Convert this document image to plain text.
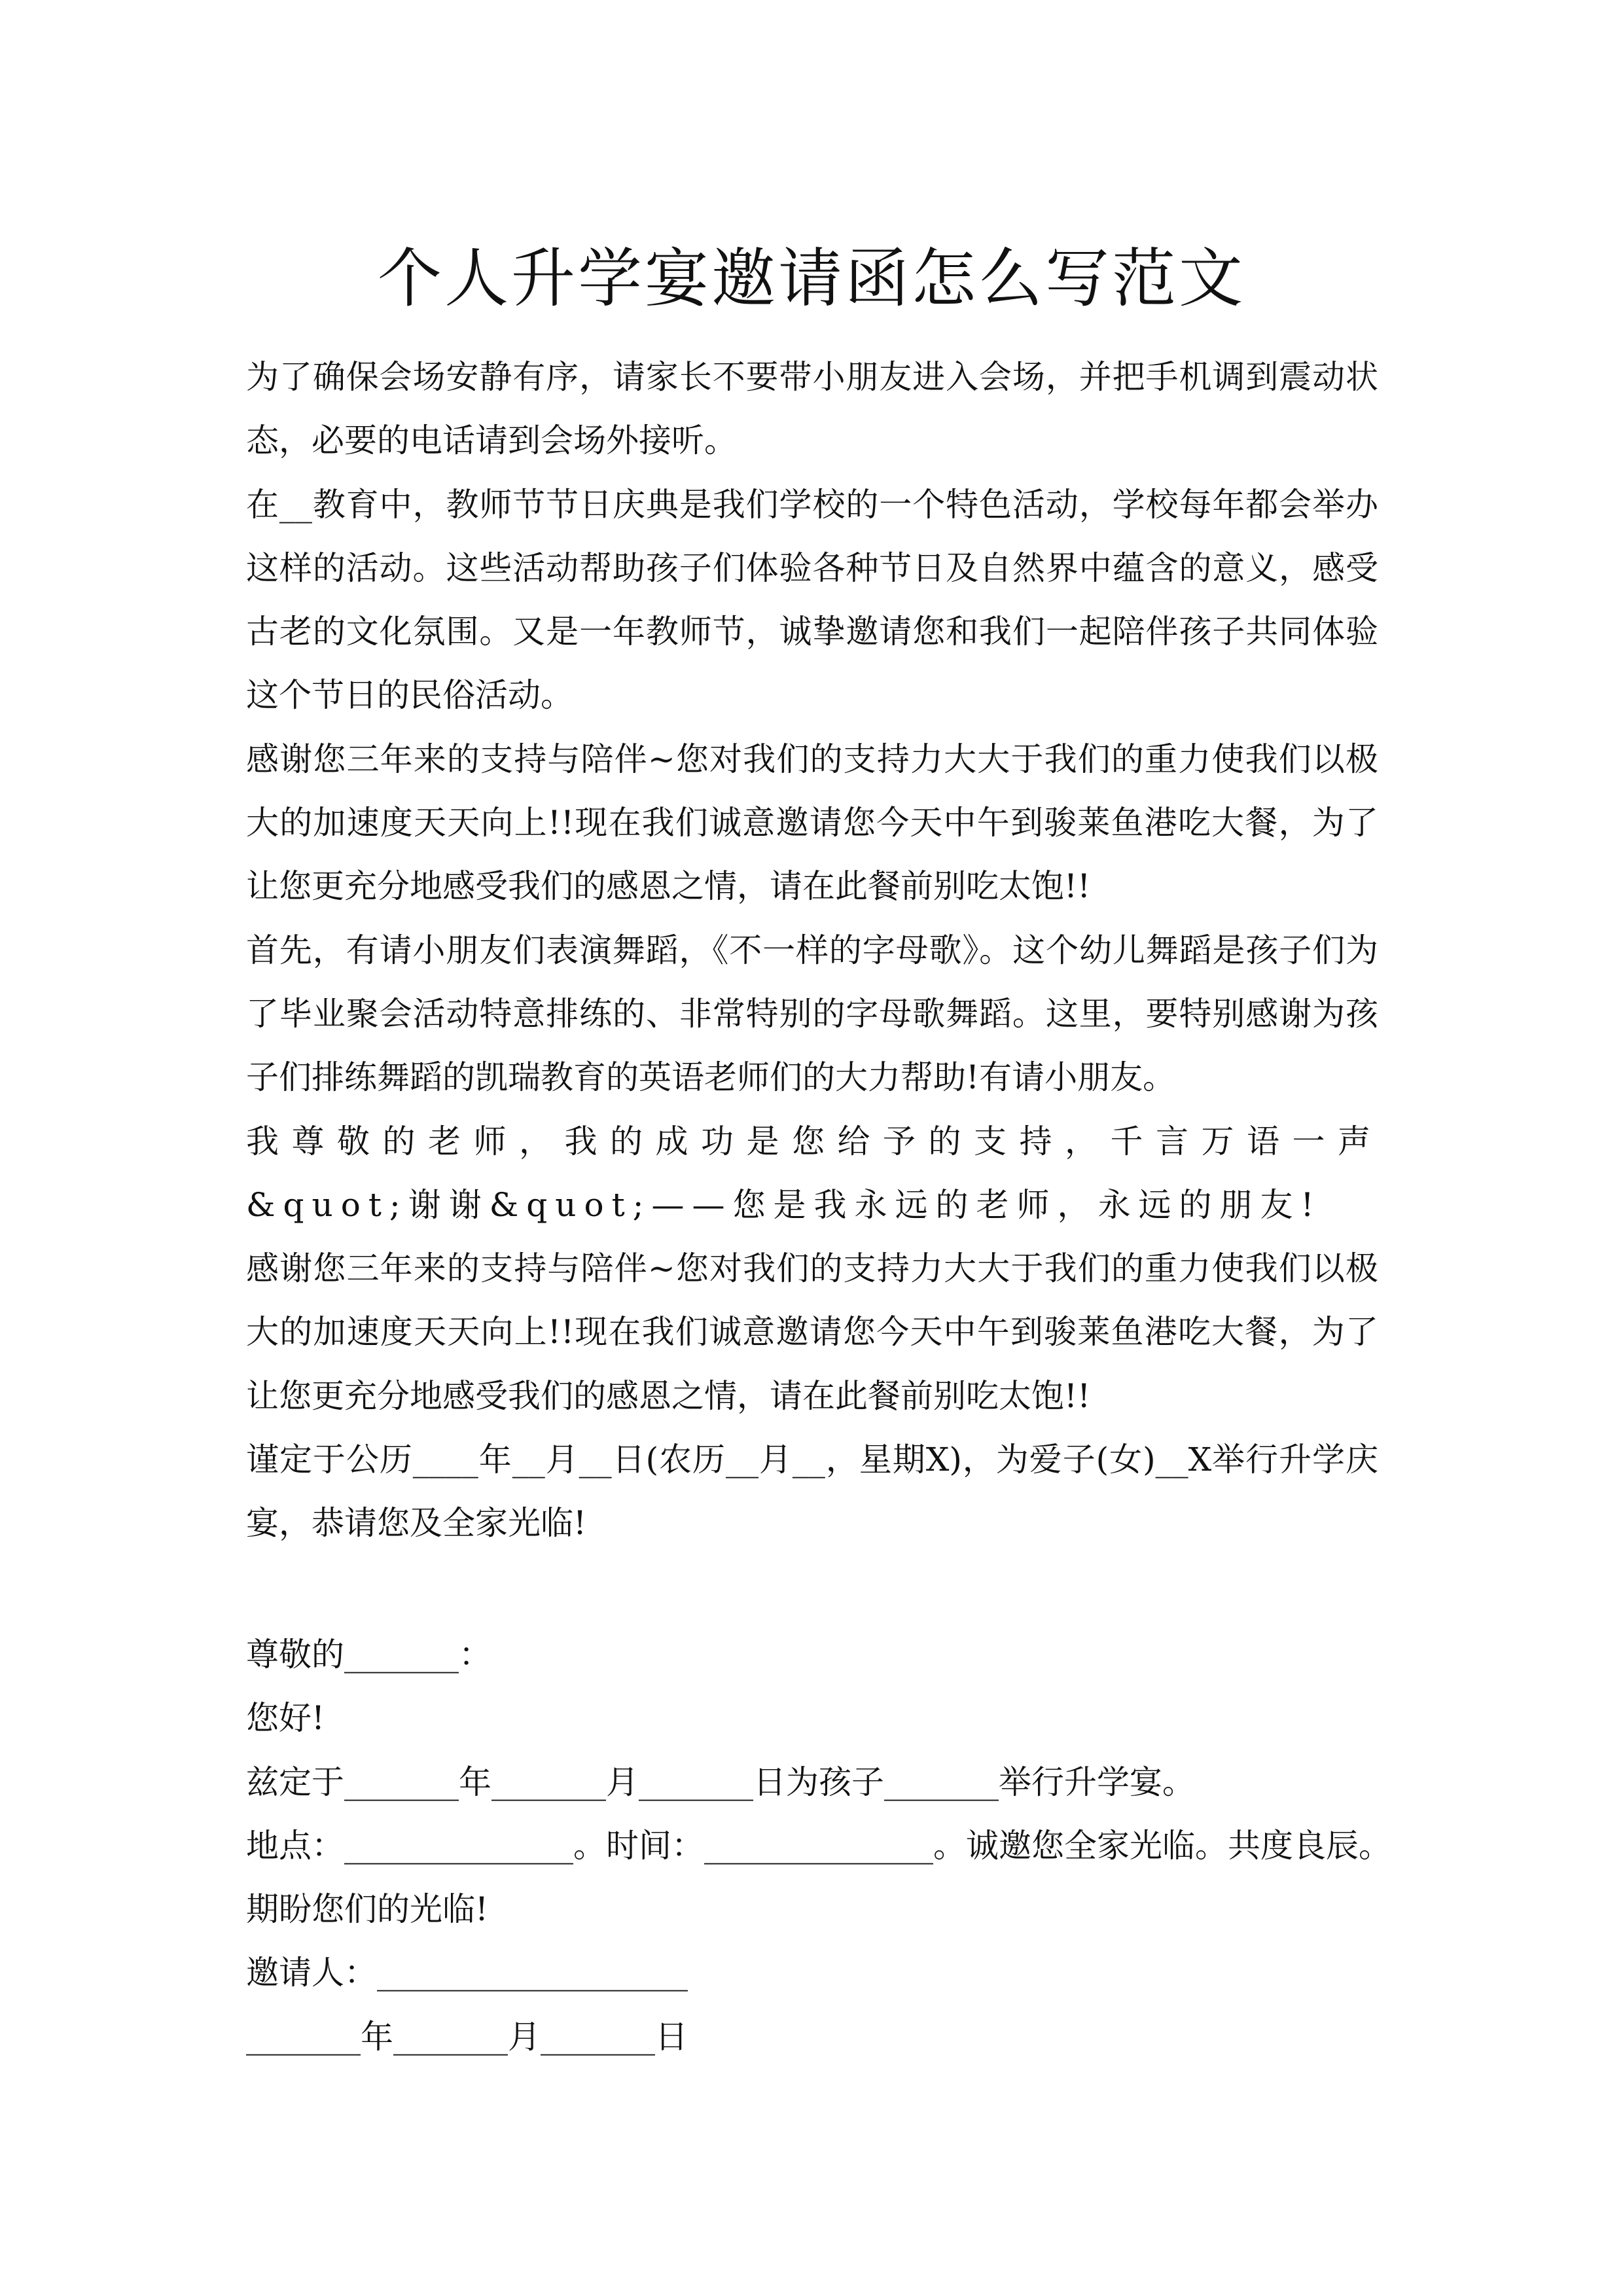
个人升学宴邀请函怎么写范文

为了确保会场安静有序，请家长不要带小朋友进入会场，并把手机调到震动状态，必要的电话请到会场外接听。

在__教育中，教师节节日庆典是我们学校的一个特色活动，学校每年都会举办这样的活动。这些活动帮助孩子们体验各种节日及自然界中蕴含的意义，感受古老的文化氛围。又是一年教师节，诚挚邀请您和我们一起陪伴孩子共同体验这个节日的民俗活动。

感谢您三年来的支持与陪伴~您对我们的支持力大大于我们的重力使我们以极大的加速度天天向上!!现在我们诚意邀请您今天中午到骏莱鱼港吃大餐，为了让您更充分地感受我们的感恩之情，请在此餐前别吃太饱!!

首先，有请小朋友们表演舞蹈，《不一样的字母歌》。这个幼儿舞蹈是孩子们为了毕业聚会活动特意排练的、非常特别的字母歌舞蹈。这里，要特别感谢为孩子们排练舞蹈的凯瑞教育的英语老师们的大力帮助!有请小朋友。

我尊敬的老师，我的成功是您给予的支持，千言万语一声&quot;谢谢&quot;——您是我永远的老师，永远的朋友!

感谢您三年来的支持与陪伴~您对我们的支持力大大于我们的重力使我们以极大的加速度天天向上!!现在我们诚意邀请您今天中午到骏莱鱼港吃大餐，为了让您更充分地感受我们的感恩之情，请在此餐前别吃太饱!!

谨定于公历____年__月__日(农历__月__，星期X)，为爱子(女)__X举行升学庆宴，恭请您及全家光临!

尊敬的_______：

您好!

兹定于_______年_______月_______日为孩子_______举行升学宴。

地点：______________。时间：______________。诚邀您全家光临。共度良辰。

期盼您们的光临!

邀请人：___________________

_______年_______月_______日
